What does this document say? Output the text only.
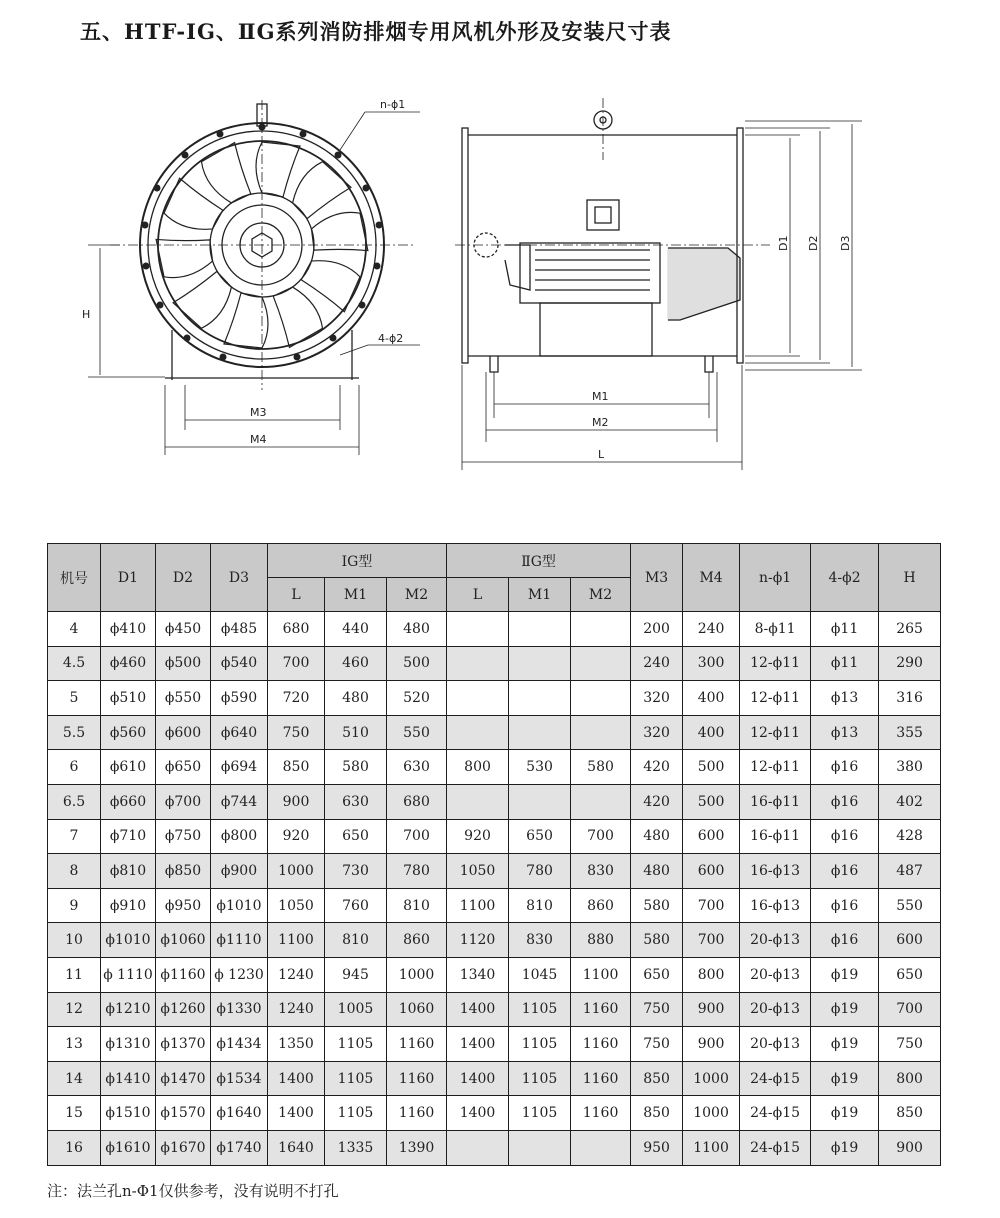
五、HTF-ⅠG、ⅡG系列消防排烟专用风机外形及安装尺寸表
n-ϕ1
4-ϕ2
H
M3
M4
M1
M2
L
D1 D2 D3
机号	D1	D2	D3	ⅠG型			ⅡG型			M3	M4	n-ϕ1	4-ϕ2	H
				L	M1	M2	L	M1	M2					
4	ϕ410	ϕ450	ϕ485	680	440	480				200	240	8-ϕ11	ϕ11	265
4.5	ϕ460	ϕ500	ϕ540	700	460	500				240	300	12-ϕ11	ϕ11	290
5	ϕ510	ϕ550	ϕ590	720	480	520				320	400	12-ϕ11	ϕ13	316
5.5	ϕ560	ϕ600	ϕ640	750	510	550				320	400	12-ϕ11	ϕ13	355
6	ϕ610	ϕ650	ϕ694	850	580	630	800	530	580	420	500	12-ϕ11	ϕ16	380
6.5	ϕ660	ϕ700	ϕ744	900	630	680				420	500	16-ϕ11	ϕ16	402
7	ϕ710	ϕ750	ϕ800	920	650	700	920	650	700	480	600	16-ϕ11	ϕ16	428
8	ϕ810	ϕ850	ϕ900	1000	730	780	1050	780	830	480	600	16-ϕ13	ϕ16	487
9	ϕ910	ϕ950	ϕ1010	1050	760	810	1100	810	860	580	700	16-ϕ13	ϕ16	550
10	ϕ1010	ϕ1060	ϕ1110	1100	810	860	1120	830	880	580	700	20-ϕ13	ϕ16	600
11	ϕ 1110	ϕ1160	ϕ 1230	1240	945	1000	1340	1045	1100	650	800	20-ϕ13	ϕ19	650
12	ϕ1210	ϕ1260	ϕ1330	1240	1005	1060	1400	1105	1160	750	900	20-ϕ13	ϕ19	700
13	ϕ1310	ϕ1370	ϕ1434	1350	1105	1160	1400	1105	1160	750	900	20-ϕ13	ϕ19	750
14	ϕ1410	ϕ1470	ϕ1534	1400	1105	1160	1400	1105	1160	850	1000	24-ϕ15	ϕ19	800
15	ϕ1510	ϕ1570	ϕ1640	1400	1105	1160	1400	1105	1160	850	1000	24-ϕ15	ϕ19	850
16	ϕ1610	ϕ1670	ϕ1740	1640	1335	1390				950	1100	24-ϕ15	ϕ19	900
注：法兰孔n-Φ1仅供参考，没有说明不打孔
